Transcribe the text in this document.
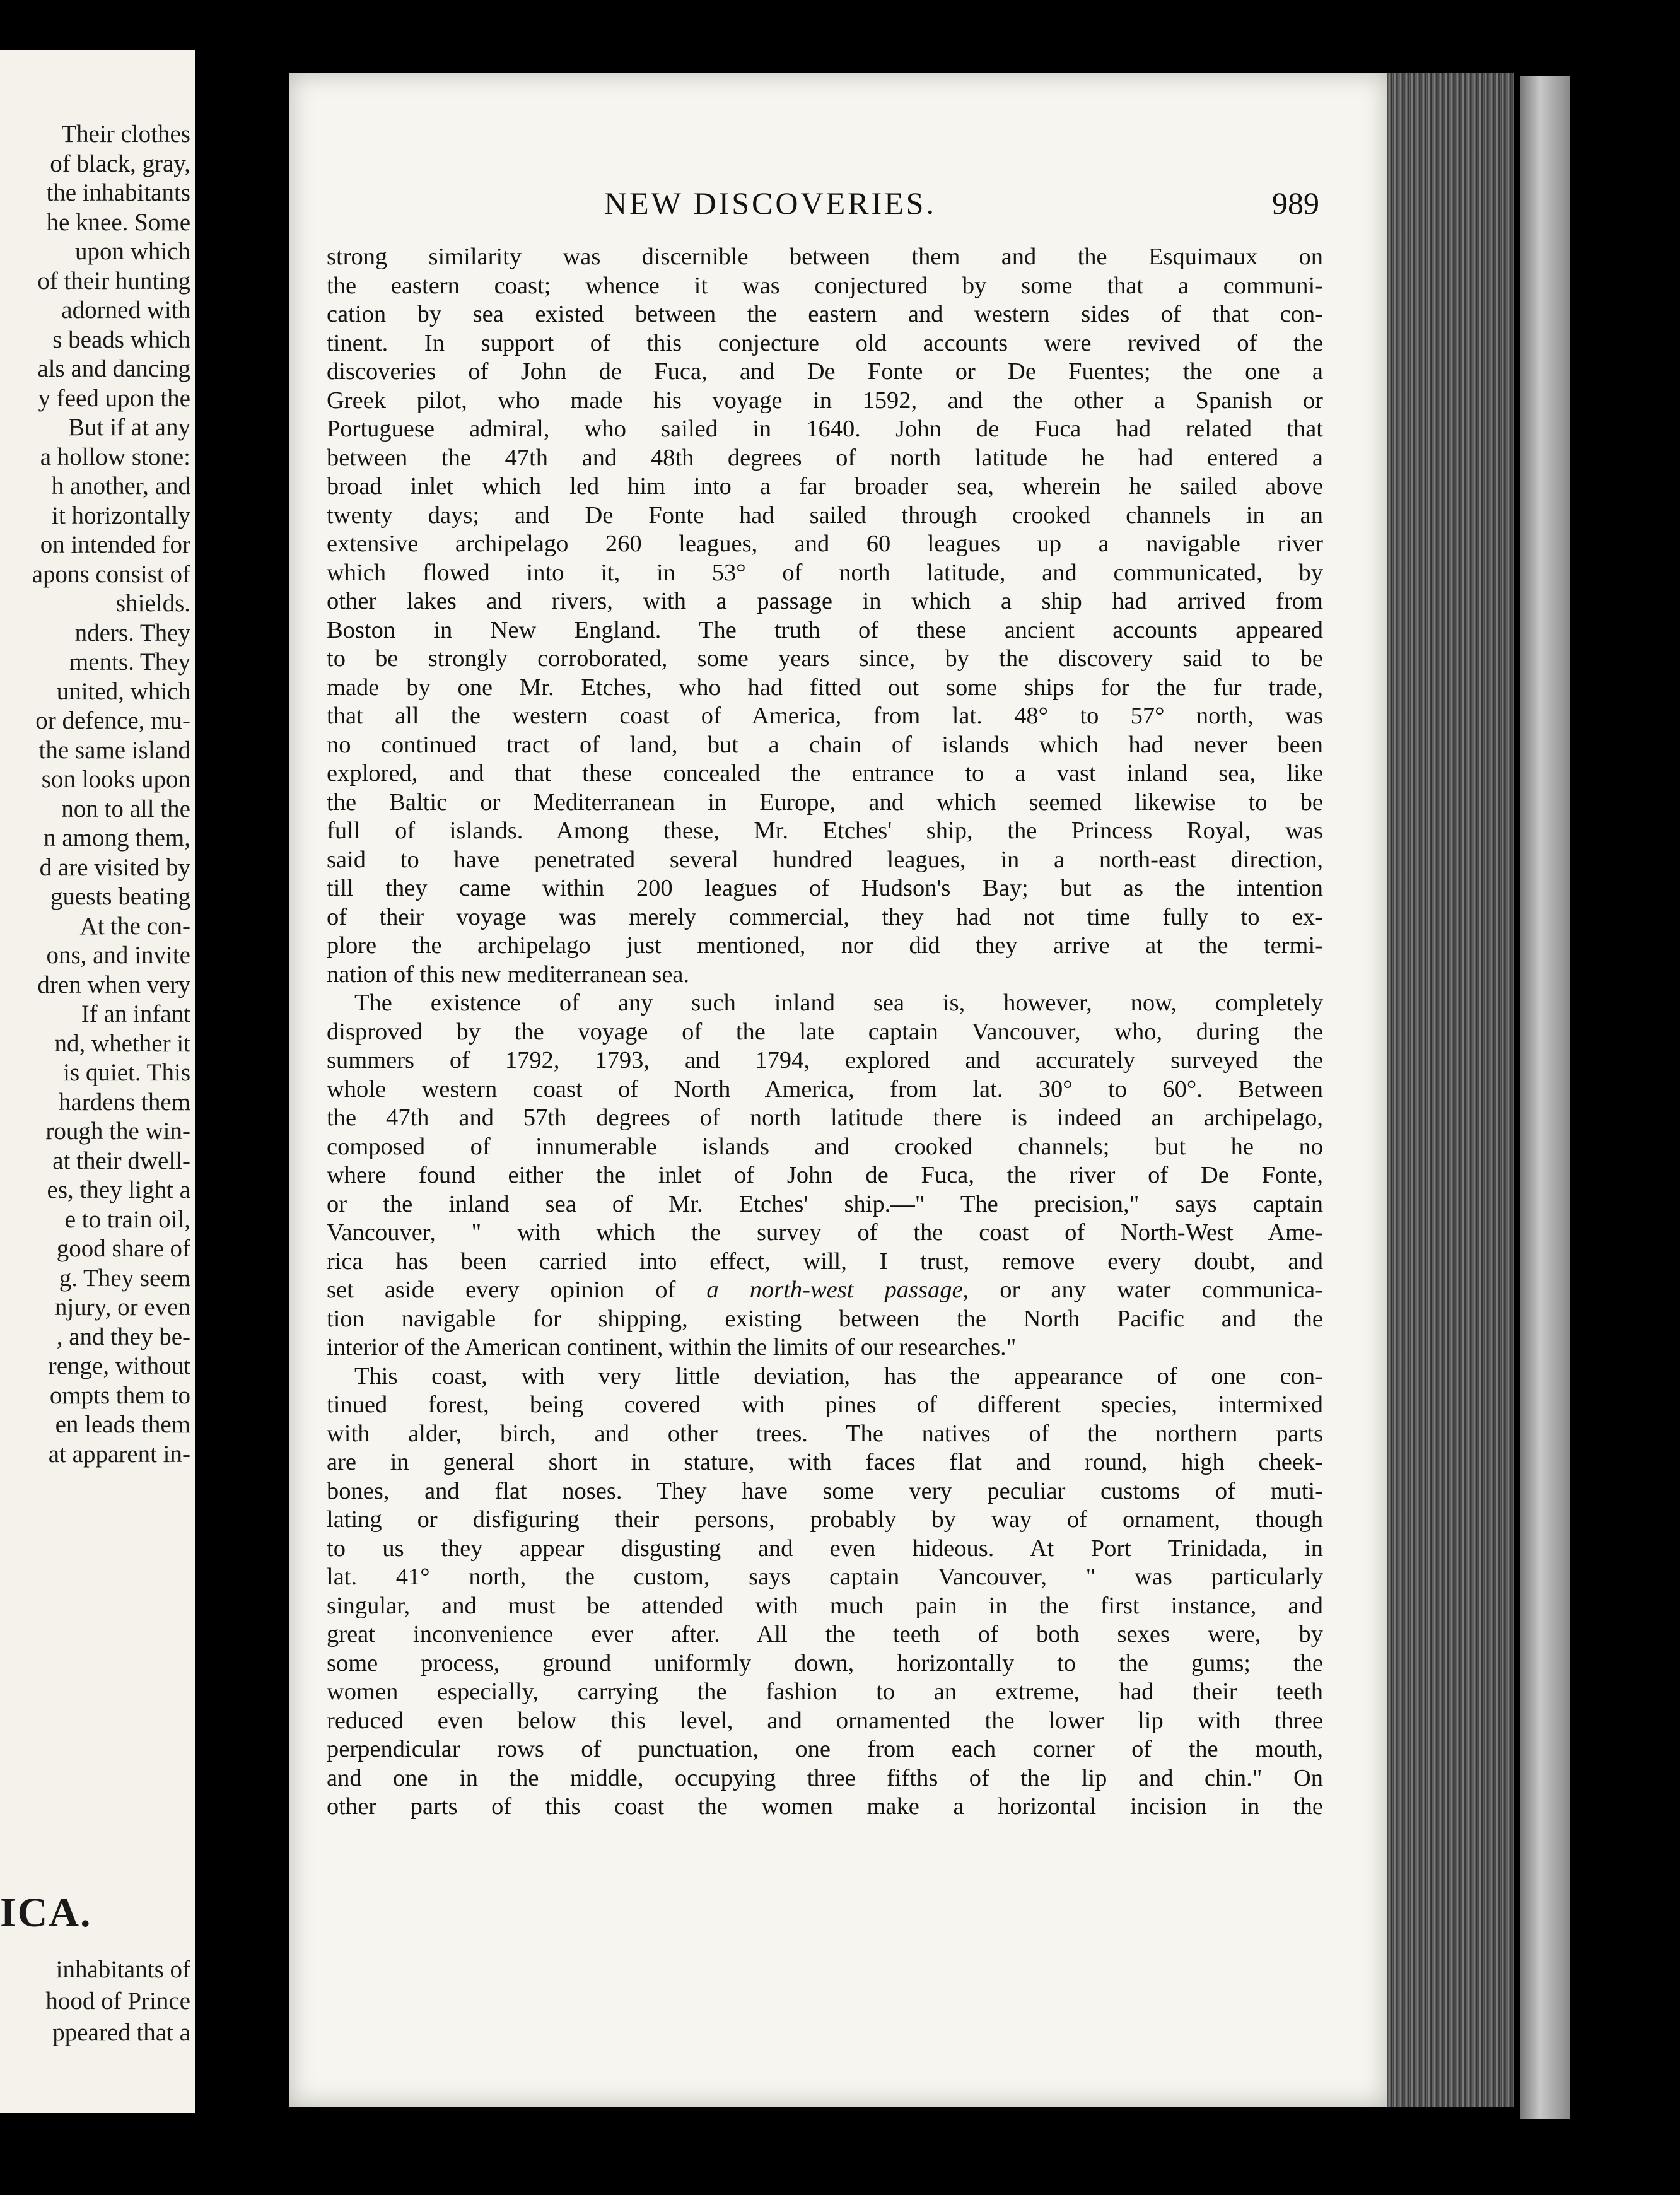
Their clothes
of black, gray,
the inhabitants
he knee. Some
upon which
of their hunting
adorned with
s beads which
als and dancing
y feed upon the
But if at any
a hollow stone:
h another, and
it horizontally
on intended for
apons consist of
shields.
nders. They
ments. They
united, which
or defence, mu-
the same island
son looks upon
non to all the
n among them,
d are visited by
guests beating
At the con-
ons, and invite
dren when very
If an infant
nd, whether it
is quiet. This
hardens them
rough the win-
at their dwell-
es, they light a
e to train oil,
good share of
g. They seem
njury, or even
, and they be-
renge, without
ompts them to
en leads them
at apparent in-
ICA.
inhabitants of
hood of Prince
ppeared that a
NEW DISCOVERIES.	989
strong similarity was discernible between them and the Esquimaux on
the eastern coast; whence it was conjectured by some that a communi-
cation by sea existed between the eastern and western sides of that con-
tinent. In support of this conjecture old accounts were revived of the
discoveries of John de Fuca, and De Fonte or De Fuentes; the one a
Greek pilot, who made his voyage in 1592, and the other a Spanish or
Portuguese admiral, who sailed in 1640. John de Fuca had related that
between the 47th and 48th degrees of north latitude he had entered a
broad inlet which led him into a far broader sea, wherein he sailed above
twenty days; and De Fonte had sailed through crooked channels in an
extensive archipelago 260 leagues, and 60 leagues up a navigable river
which flowed into it, in 53° of north latitude, and communicated, by
other lakes and rivers, with a passage in which a ship had arrived from
Boston in New England. The truth of these ancient accounts appeared
to be strongly corroborated, some years since, by the discovery said to be
made by one Mr. Etches, who had fitted out some ships for the fur trade,
that all the western coast of America, from lat. 48° to 57° north, was
no continued tract of land, but a chain of islands which had never been
explored, and that these concealed the entrance to a vast inland sea, like
the Baltic or Mediterranean in Europe, and which seemed likewise to be
full of islands. Among these, Mr. Etches' ship, the Princess Royal, was
said to have penetrated several hundred leagues, in a north-east direction,
till they came within 200 leagues of Hudson's Bay; but as the intention
of their voyage was merely commercial, they had not time fully to ex-
plore the archipelago just mentioned, nor did they arrive at the termi-
nation of this new mediterranean sea.
The existence of any such inland sea is, however, now, completely
disproved by the voyage of the late captain Vancouver, who, during the
summers of 1792, 1793, and 1794, explored and accurately surveyed the
whole western coast of North America, from lat. 30° to 60°. Between
the 47th and 57th degrees of north latitude there is indeed an archipelago,
composed of innumerable islands and crooked channels; but he no
where found either the inlet of John de Fuca, the river of De Fonte,
or the inland sea of Mr. Etches' ship.—" The precision," says captain
Vancouver, " with which the survey of the coast of North-West Ame-
rica has been carried into effect, will, I trust, remove every doubt, and
set aside every opinion of a north-west passage, or any water communica-
tion navigable for shipping, existing between the North Pacific and the
interior of the American continent, within the limits of our researches."
This coast, with very little deviation, has the appearance of one con-
tinued forest, being covered with pines of different species, intermixed
with alder, birch, and other trees. The natives of the northern parts
are in general short in stature, with faces flat and round, high cheek-
bones, and flat noses. They have some very peculiar customs of muti-
lating or disfiguring their persons, probably by way of ornament, though
to us they appear disgusting and even hideous. At Port Trinidada, in
lat. 41° north, the custom, says captain Vancouver, " was particularly
singular, and must be attended with much pain in the first instance, and
great inconvenience ever after. All the teeth of both sexes were, by
some process, ground uniformly down, horizontally to the gums; the
women especially, carrying the fashion to an extreme, had their teeth
reduced even below this level, and ornamented the lower lip with three
perpendicular rows of punctuation, one from each corner of the mouth,
and one in the middle, occupying three fifths of the lip and chin." On
other parts of this coast the women make a horizontal incision in the
